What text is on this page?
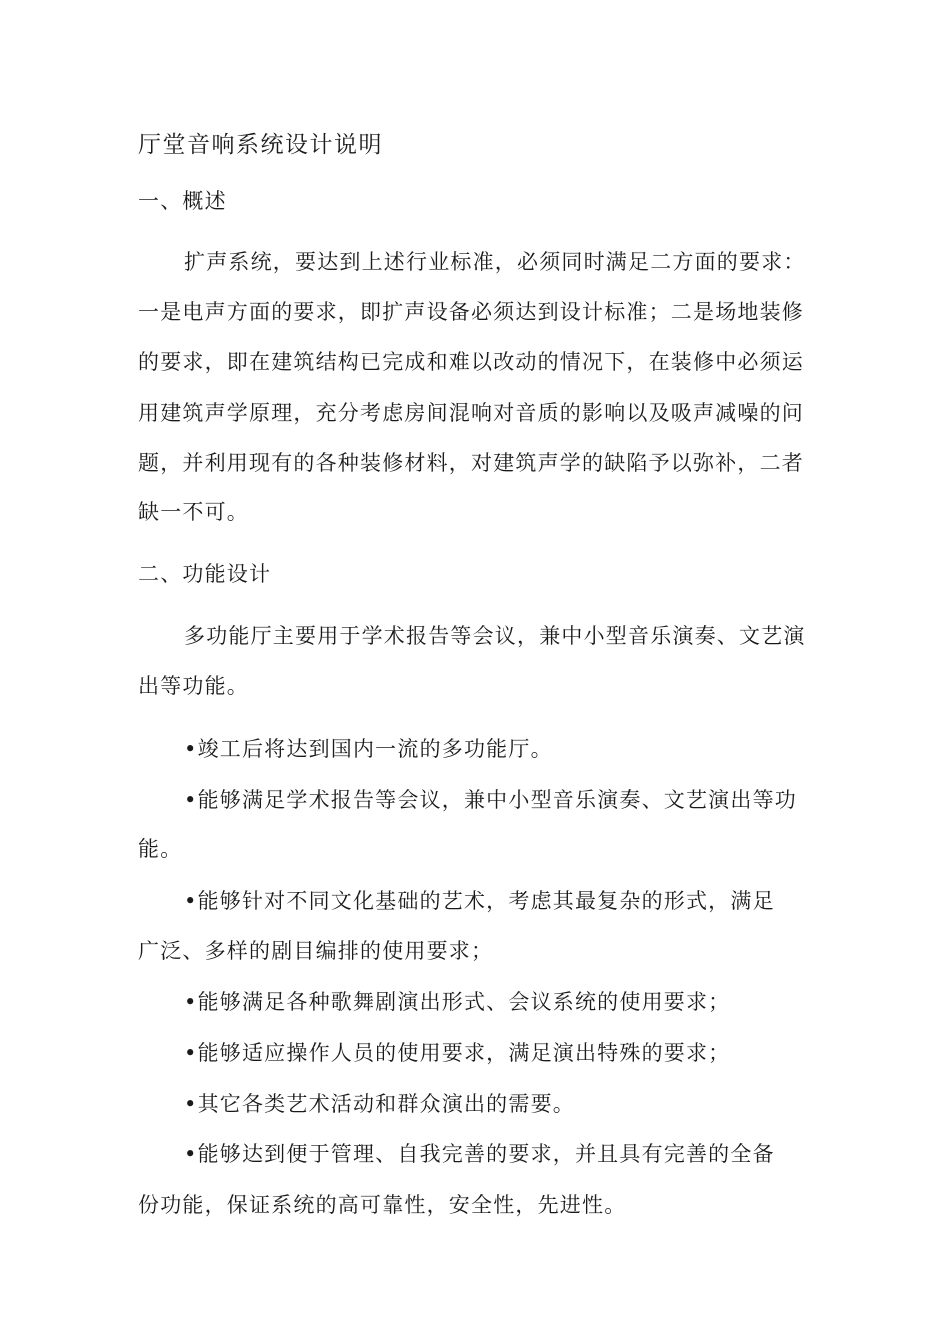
厅堂音响系统设计说明
一、概述
扩声系统，要达到上述行业标准，必须同时满足二方面的要求：
一是电声方面的要求，即扩声设备必须达到设计标准；二是场地装修
的要求，即在建筑结构已完成和难以改动的情况下，在装修中必须运
用建筑声学原理，充分考虑房间混响对音质的影响以及吸声减噪的问
题，并利用现有的各种装修材料，对建筑声学的缺陷予以弥补，二者
缺一不可。
二、功能设计
多功能厅主要用于学术报告等会议，兼中小型音乐演奏、文艺演
出等功能。
•竣工后将达到国内一流的多功能厅。
•能够满足学术报告等会议，兼中小型音乐演奏、文艺演出等功
能。
•能够针对不同文化基础的艺术，考虑其最复杂的形式，满足
广泛、多样的剧目编排的使用要求；
•能够满足各种歌舞剧演出形式、会议系统的使用要求；
•能够适应操作人员的使用要求，满足演出特殊的要求；
•其它各类艺术活动和群众演出的需要。
•能够达到便于管理、自我完善的要求，并且具有完善的全备
份功能，保证系统的高可靠性，安全性，先进性。
